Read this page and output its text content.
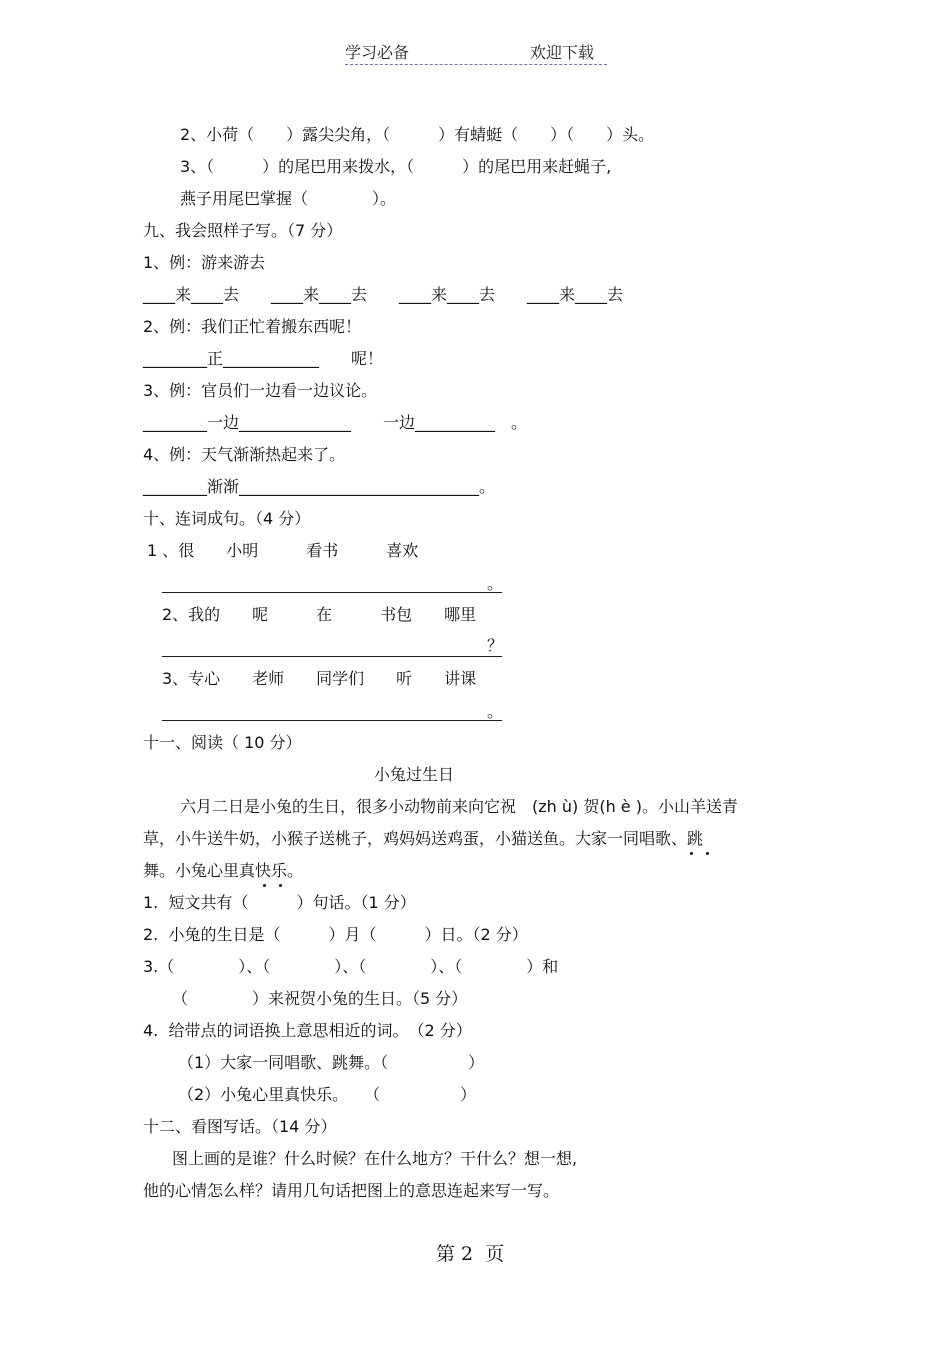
学习必备	欢迎下载
2、小荷（　　）露尖尖角，（　　　）有蜻蜓（　　）（　　）头。
3、（　　　）的尾巴用来拨水，（　　　）的尾巴用来赶蝇子,
燕子用尾巴掌握（　　　　）。
九、我会照样子写。（7 分）
1、例：游来游去
____来____去　　____来____去　　____来____去　　____来____去
2、例：我们正忙着搬东西呢！
________正____________　　呢！
3、例：官员们一边看一边议论。
________一边______________　　一边__________　。
4、例：天气渐渐热起来了。
________渐渐______________________________。
十、连词成句。（4 分）
1 、很　　小明　　　看书　　　喜欢
。
2、我的　　呢　　　在　　　书包　　哪里
？
3、专心　　老师　　同学们　　听　　讲课
。
十一、阅读（ 10 分）
小兔过生日
六月二日是小兔的生日，很多小动物前来向它祝　(zh ù) 贺(h è )。小山羊送青
草，小牛送牛奶，小猴子送桃子，鸡妈妈送鸡蛋，小猫送鱼。大家一同唱歌、跳
舞。小兔心里真快乐。
1.  短文共有（　　　）句话。（1 分）
2.  小兔的生日是（　　　）月（　　　）日。（2 分）
3.（　　　　）、（　　　　）、（　　　　）、（　　　　）和
（　　　　）来祝贺小兔的生日。（5 分）
4.  给带点的词语换上意思相近的词。　（2 分）
（1）大家一同唱歌、跳舞。（　　　　　）
（2）小兔心里真快乐。　　（　　　　　）
十二、看图写话。（14 分）
图上画的是谁？什么时候？在什么地方？干什么？想一想,
他的心情怎么样？请用几句话把图上的意思连起来写一写。
第 2  页
